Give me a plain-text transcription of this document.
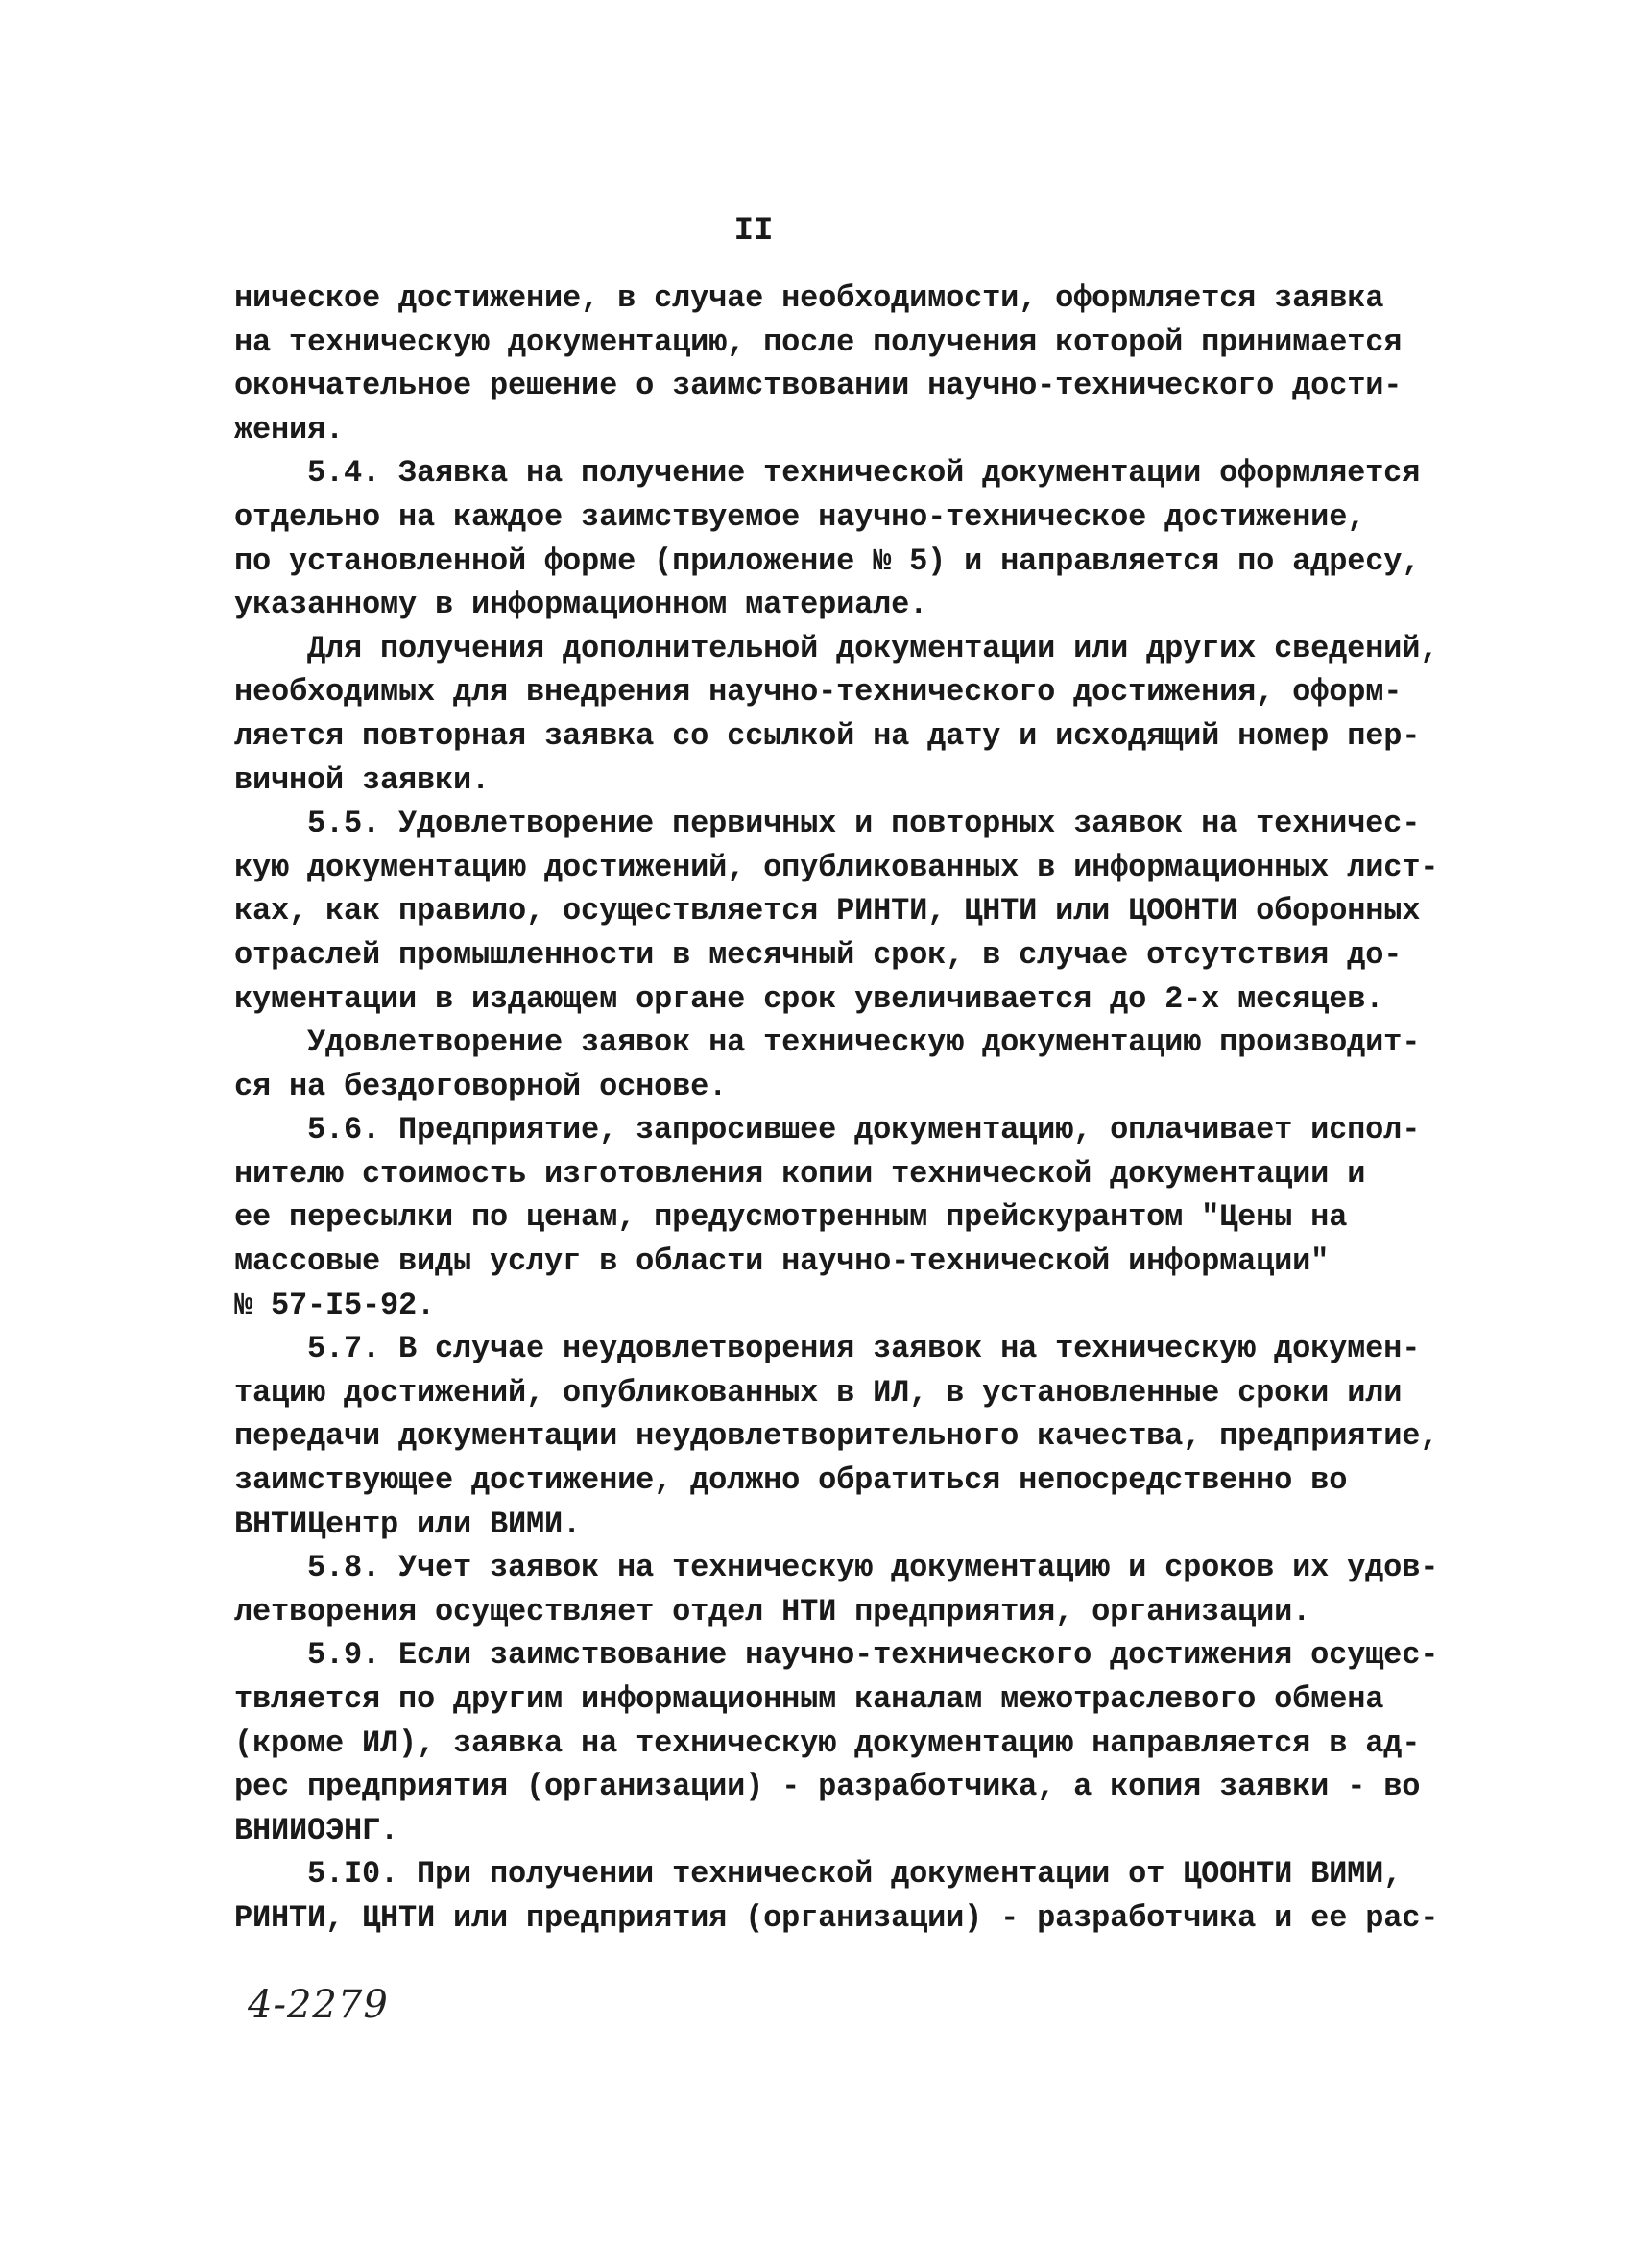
II
ническое достижение, в случае необходимости, оформляется заявка
на техническую документацию, после получения которой принимается
окончательное решение о заимствовании научно-технического дости-
жения.
5.4. Заявка на получение технической документации оформляется
отдельно на каждое заимствуемое научно-техническое достижение,
по установленной форме (приложение № 5) и направляется по адресу,
указанному в информационном материале.
Для получения дополнительной документации или других сведений,
необходимых для внедрения научно-технического достижения, оформ-
ляется повторная заявка со ссылкой на дату и исходящий номер пер-
вичной заявки.
5.5. Удовлетворение первичных и повторных заявок на техничес-
кую документацию достижений, опубликованных в информационных лист-
ках, как правило, осуществляется РИНТИ, ЦНТИ или ЦООНТИ оборонных
отраслей промышленности в месячный срок, в случае отсутствия до-
кументации в издающем органе срок увеличивается до 2-х месяцев.
Удовлетворение заявок на техническую документацию производит-
ся на бездоговорной основе.
5.6. Предприятие, запросившее документацию, оплачивает испол-
нителю стоимость изготовления копии технической документации и
ее пересылки по ценам, предусмотренным прейскурантом "Цены на
массовые виды услуг в области научно-технической информации"
№ 57-I5-92.
5.7. В случае неудовлетворения заявок на техническую докумен-
тацию достижений, опубликованных в ИЛ, в установленные сроки или
передачи документации неудовлетворительного качества, предприятие,
заимствующее достижение, должно обратиться непосредственно во
ВНТИЦентр или ВИМИ.
5.8. Учет заявок на техническую документацию и сроков их удов-
летворения осуществляет отдел НТИ предприятия, организации.
5.9. Если заимствование научно-технического достижения осущес-
твляется по другим информационным каналам межотраслевого обмена
(кроме ИЛ), заявка на техническую документацию направляется в ад-
рес предприятия (организации) - разработчика, а копия заявки - во
ВНИИОЭНГ.
5.I0. При получении технической документации от ЦООНТИ ВИМИ,
РИНТИ, ЦНТИ или предприятия (организации) - разработчика и ее рас-
4-2279
